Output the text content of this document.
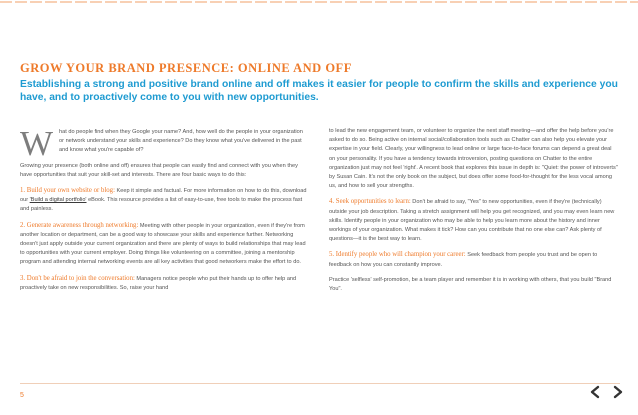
GROW YOUR BRAND PRESENCE: ONLINE AND OFF
Establishing a strong and positive brand online and off makes it easier for people to confirm the skills and experience you have, and to proactively come to you with new opportunities.

W hat do people find when they Google your name? And, how well do the people in your organization or network understand your skills and experience? Do they know what you've delivered in the past and know what you're capable of?

Growing your presence (both online and off) ensures that people can easily find and connect with you when they have opportunities that suit your skill-set and interests. There are four basic ways to do this:

1. Build your own website or blog: Keep it simple and factual. For more information on how to do this, download our 'Build a digital portfolio' eBook. This resource provides a list of easy-to-use, free tools to make the process fast and painless.

2. Generate awareness through networking: Meeting with other people in your organization, even if they're from another location or department, can be a good way to showcase your skills and experience further. Networking doesn't just apply outside your current organization and there are plenty of ways to build relationships that may lead to opportunities with your current employer. Doing things like volunteering on a committee, joining a mentorship program and attending internal networking events are all key activities that good networkers make the effort to do.

3. Don't be afraid to join the conversation: Managers notice people who put their hands up to offer help and proactively take on new responsibilities. So, raise your hand

to lead the new engagement team, or volunteer to organize the next staff meeting—and offer the help before you're asked to do so. Being active on internal social/collaboration tools such as Chatter can also help you elevate your expertise in your field. Clearly, your willingness to lead online or large face-to-face forums can depend a great deal on your personality. If you have a tendency towards introversion, posting questions on Chatter to the entire organization just may not feel 'right'. A recent book that explores this issue in depth is: "Quiet: the power of introverts" by Susan Cain. It's not the only book on the subject, but does offer some food-for-thought for the less vocal among us, and how to sell your strengths.

4. Seek opportunities to learn: Don't be afraid to say, "Yes" to new opportunities, even if they're (technically) outside your job description. Taking a stretch assignment will help you get recognized, and you may even learn new skills. Identify people in your organization who may be able to help you learn more about the history and inner workings of your organization. What makes it tick? How can you contribute that no one else can? Ask plenty of questions—it is the best way to learn.

5. Identify people who will champion your career: Seek feedback from people you trust and be open to feedback on how you can constantly improve.

Practice 'selfless' self-promotion, be a team player and remember it is in working with others, that you build "Brand You".

5
